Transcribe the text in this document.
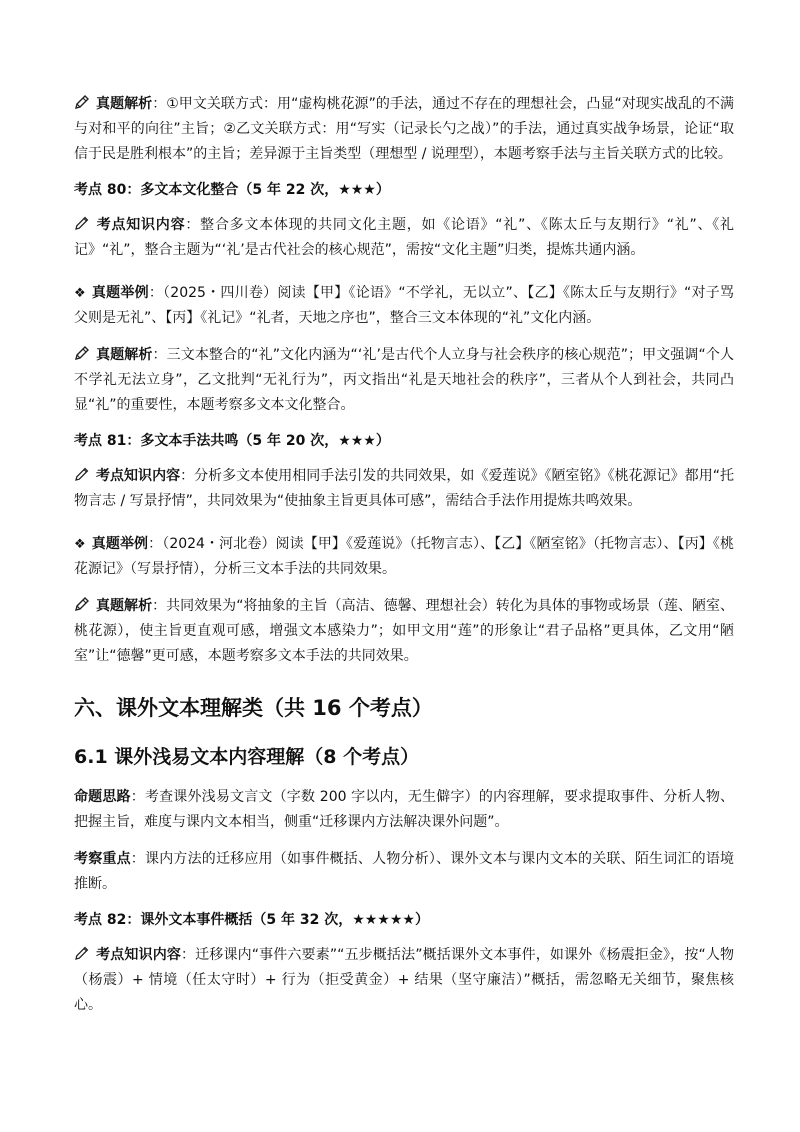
真题解析：①甲文关联方式：用“虚构桃花源”的手法，通过不存在的理想社会，凸显“对现实战乱的不满与对和平的向往”主旨；②乙文关联方式：用“写实（记录长勺之战）”的手法，通过真实战争场景，论证“取信于民是胜利根本”的主旨；差异源于主旨类型（理想型 / 说理型），本题考察手法与主旨关联方式的比较。

考点 80：多文本文化整合（5 年 22 次，★★★）

考点知识内容：整合多文本体现的共同文化主题，如《论语》“礼”、《陈太丘与友期行》“礼”、《礼记》“礼”，整合主题为“‘礼’是古代社会的核心规范”，需按“文化主题”归类，提炼共通内涵。

❖ 真题举例：（2025・四川卷）阅读【甲】《论语》“不学礼，无以立”、【乙】《陈太丘与友期行》“对子骂父则是无礼”、【丙】《礼记》“礼者，天地之序也”，整合三文本体现的“礼”文化内涵。

真题解析：三文本整合的“礼”文化内涵为“‘礼’是古代个人立身与社会秩序的核心规范”；甲文强调“个人不学礼无法立身”，乙文批判“无礼行为”，丙文指出“礼是天地社会的秩序”，三者从个人到社会，共同凸显“礼”的重要性，本题考察多文本文化整合。

考点 81：多文本手法共鸣（5 年 20 次，★★★）

考点知识内容：分析多文本使用相同手法引发的共同效果，如《爱莲说》《陋室铭》《桃花源记》都用“托物言志 / 写景抒情”，共同效果为“使抽象主旨更具体可感”，需结合手法作用提炼共鸣效果。

❖ 真题举例：（2024・河北卷）阅读【甲】《爱莲说》（托物言志）、【乙】《陋室铭》（托物言志）、【丙】《桃花源记》（写景抒情），分析三文本手法的共同效果。

真题解析：共同效果为“将抽象的主旨（高洁、德馨、理想社会）转化为具体的事物或场景（莲、陋室、桃花源），使主旨更直观可感，增强文本感染力”；如甲文用“莲”的形象让“君子品格”更具体，乙文用“陋室”让“德馨”更可感，本题考察多文本手法的共同效果。

六、课外文本理解类（共 16 个考点）
6.1 课外浅易文本内容理解（8 个考点）

命题思路：考查课外浅易文言文（字数 200 字以内，无生僻字）的内容理解，要求提取事件、分析人物、把握主旨，难度与课内文本相当，侧重“迁移课内方法解决课外问题”。

考察重点：课内方法的迁移应用（如事件概括、人物分析）、课外文本与课内文本的关联、陌生词汇的语境推断。

考点 82：课外文本事件概括（5 年 32 次，★★★★★）

考点知识内容：迁移课内“事件六要素”“五步概括法”概括课外文本事件，如课外《杨震拒金》，按“人物（杨震）+ 情境（任太守时）+ 行为（拒受黄金）+ 结果（坚守廉洁）”概括，需忽略无关细节，聚焦核心。
